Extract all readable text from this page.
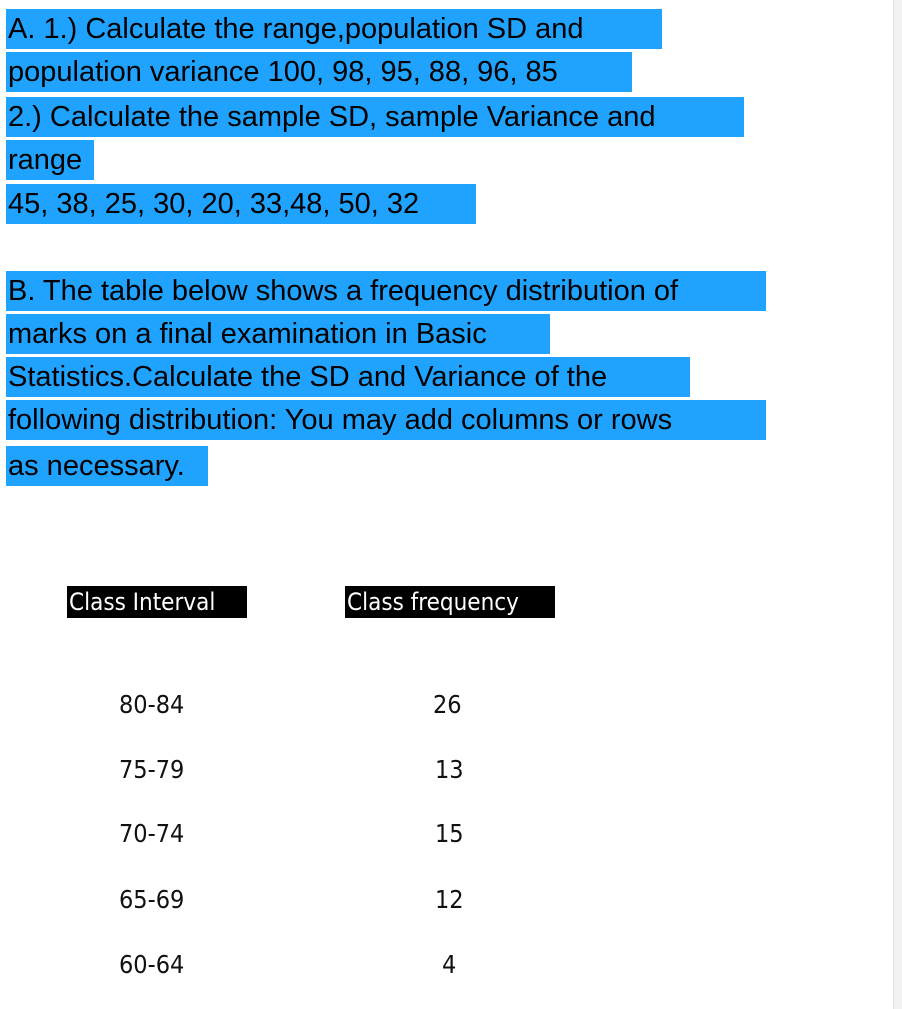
A. 1.) Calculate the range,population SD and
population variance 100, 98, 95, 88, 96, 85
2.) Calculate the sample SD, sample Variance and
range
45, 38, 25, 30, 20, 33,48, 50, 32
B. The table below shows a frequency distribution of
marks on a final examination in Basic
Statistics.Calculate the SD and Variance of the
following distribution: You may add columns or rows
as necessary.
Class Interval	Class frequency
80-84	26
75-79	13
70-74	15
65-69	12
60-64	4
